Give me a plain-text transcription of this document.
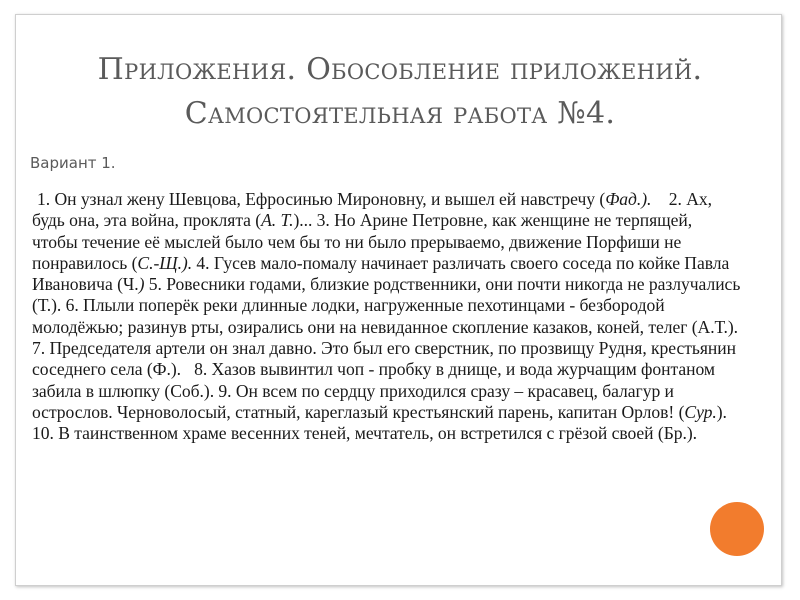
Приложения. Обособление приложений.
Самостоятельная работа №4.
Вариант 1.
1. Он узнал жену Шевцова, Ефросинью Мироновну, и вышел ей навстречу (Фад.).    2. Ах,
будь она, эта война, проклята (А. Т.)... 3. Но Арине Петровне, как женщине не терпящей,
чтобы течение её мыслей было чем бы то ни было прерываемо, движение Порфиши не
понравилось (С.-Щ.). 4. Гусев мало-помалу начинает различать своего соседа по койке Павла
Ивановича (Ч.) 5. Ровесники годами, близкие родственники, они почти никогда не разлучались
(Т.). 6. Плыли поперёк реки длинные лодки, нагруженные пехотинцами - безбородой
молодёжью; разинув рты, озирались они на невиданное скопление казаков, коней, телег (А.Т.).
7. Председателя артели он знал давно. Это был его сверстник, по прозвищу Рудня, крестьянин
соседнего села (Ф.).   8. Хазов вывинтил чоп - пробку в днище, и вода журчащим фонтаном
забила в шлюпку (Соб.). 9. Он всем по сердцу приходился сразу – красавец, балагур и
острослов. Черноволосый, статный, кареглазый крестьянский парень, капитан Орлов! (Сур.).
10. В таинственном храме весенних теней, мечтатель, он встретился с грёзой своей (Бр.).
